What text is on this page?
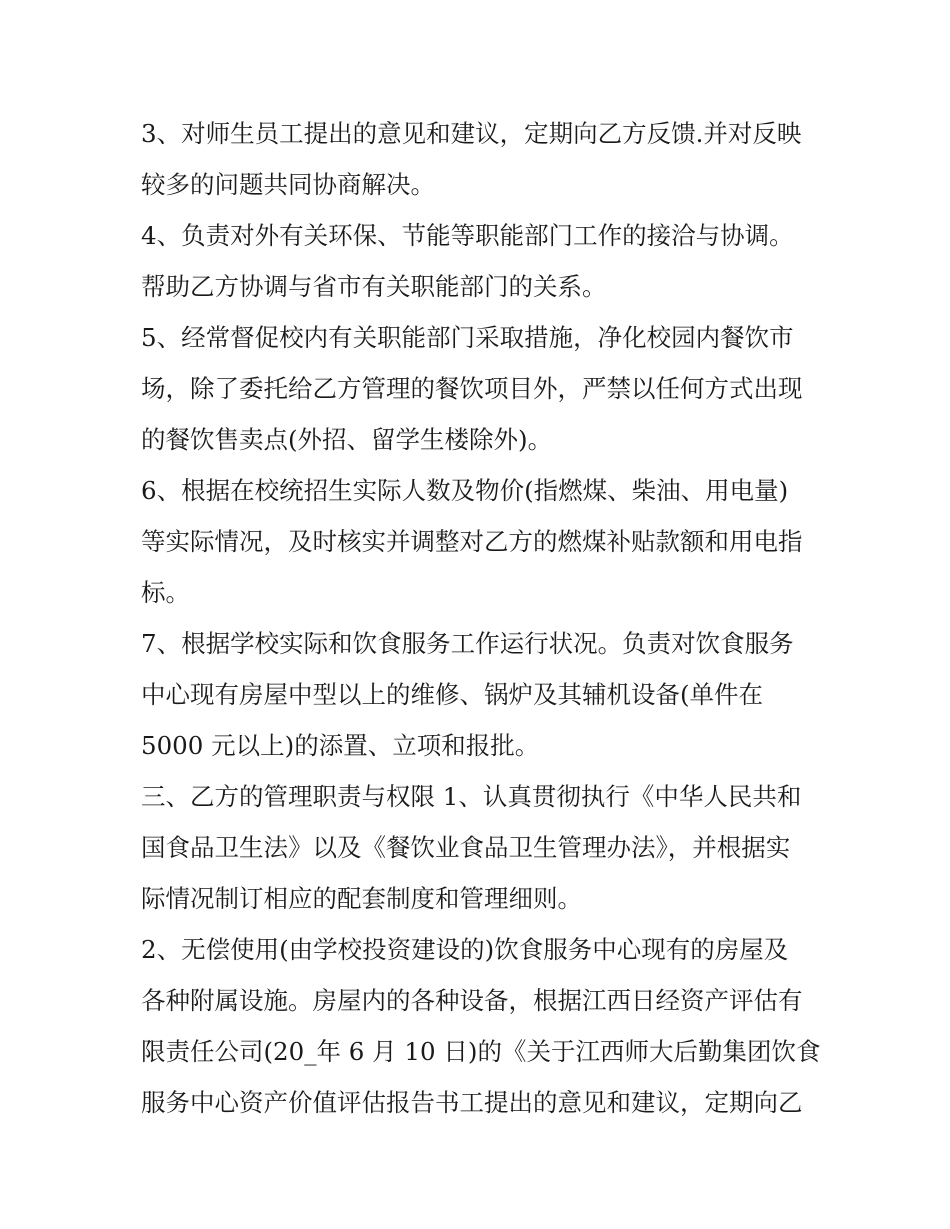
3、对师生员工提出的意见和建议，定期向乙方反馈.并对反映
较多的问题共同协商解决。
4、负责对外有关环保、节能等职能部门工作的接洽与协调。
帮助乙方协调与省市有关职能部门的关系。
5、经常督促校内有关职能部门采取措施，净化校园内餐饮市
场，除了委托给乙方管理的餐饮项目外，严禁以任何方式出现
的餐饮售卖点(外招、留学生楼除外)。
6、根据在校统招生实际人数及物价(指燃煤、柴油、用电量)
等实际情况，及时核实并调整对乙方的燃煤补贴款额和用电指
标。
7、根据学校实际和饮食服务工作运行状况。负责对饮食服务
中心现有房屋中型以上的维修、锅炉及其辅机设备(单件在
5000 元以上)的添置、立项和报批。
三、乙方的管理职责与权限 1、认真贯彻执行《中华人民共和
国食品卫生法》以及《餐饮业食品卫生管理办法》，并根据实
际情况制订相应的配套制度和管理细则。
2、无偿使用(由学校投资建设的)饮食服务中心现有的房屋及
各种附属设施。房屋内的各种设备，根据江西日经资产评估有
限责任公司(20_年 6 月 10 日)的《关于江西师大后勤集团饮食
服务中心资产价值评估报告书工提出的意见和建议，定期向乙
